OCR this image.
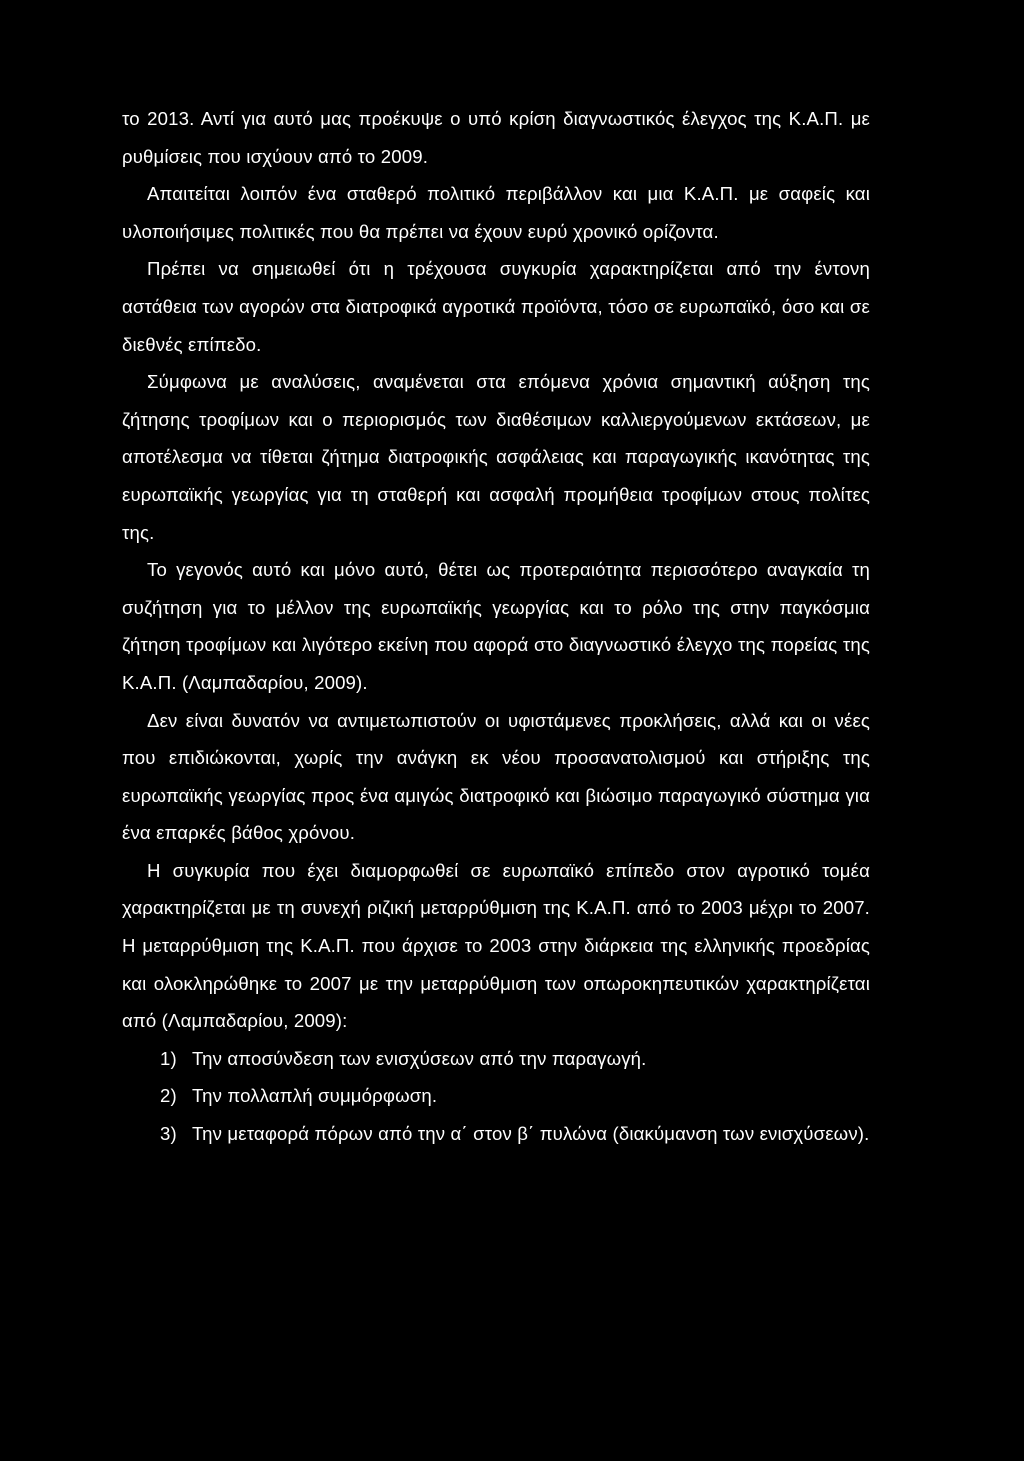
το 2013. Αντί για αυτό μας προέκυψε ο υπό κρίση διαγνωστικός έλεγχος της Κ.Α.Π. με ρυθμίσεις που ισχύουν από το 2009.

Απαιτείται λοιπόν ένα σταθερό πολιτικό περιβάλλον και μια Κ.Α.Π. με σαφείς και υλοποιήσιμες πολιτικές που θα πρέπει να έχουν ευρύ χρονικό ορίζοντα.

Πρέπει να σημειωθεί ότι η τρέχουσα συγκυρία χαρακτηρίζεται από την έντονη αστάθεια των αγορών στα διατροφικά αγροτικά προϊόντα, τόσο σε ευρωπαϊκό, όσο και σε διεθνές επίπεδο.

Σύμφωνα με αναλύσεις, αναμένεται στα επόμενα χρόνια σημαντική αύξηση της ζήτησης τροφίμων και ο περιορισμός των διαθέσιμων καλλιεργούμενων εκτάσεων, με αποτέλεσμα να τίθεται ζήτημα διατροφικής ασφάλειας και παραγωγικής ικανότητας της ευρωπαϊκής γεωργίας για τη σταθερή και ασφαλή προμήθεια τροφίμων στους πολίτες της.

Το γεγονός αυτό και μόνο αυτό, θέτει ως προτεραιότητα περισσότερο αναγκαία τη συζήτηση για το μέλλον της ευρωπαϊκής γεωργίας και το ρόλο της στην παγκόσμια ζήτηση τροφίμων και λιγότερο εκείνη που αφορά στο διαγνωστικό έλεγχο της πορείας της Κ.Α.Π. (Λαμπαδαρίου, 2009).

Δεν είναι δυνατόν να αντιμετωπιστούν οι υφιστάμενες προκλήσεις, αλλά και οι νέες που επιδιώκονται, χωρίς την ανάγκη εκ νέου προσανατολισμού και στήριξης της ευρωπαϊκής γεωργίας προς ένα αμιγώς διατροφικό και βιώσιμο παραγωγικό σύστημα για ένα επαρκές βάθος χρόνου.

Η συγκυρία που έχει διαμορφωθεί σε ευρωπαϊκό επίπεδο στον αγροτικό τομέα χαρακτηρίζεται με τη συνεχή ριζική μεταρρύθμιση της Κ.Α.Π. από το 2003 μέχρι το 2007. Η μεταρρύθμιση της Κ.Α.Π. που άρχισε το 2003 στην διάρκεια της ελληνικής προεδρίας και ολοκληρώθηκε το 2007 με την μεταρρύθμιση των οπωροκηπευτικών χαρακτηρίζεται από (Λαμπαδαρίου, 2009):

1) Την αποσύνδεση των ενισχύσεων από την παραγωγή.
2) Την πολλαπλή συμμόρφωση.
3) Την μεταφορά πόρων από την α΄ στον β΄ πυλώνα (διακύμανση των ενισχύσεων).
